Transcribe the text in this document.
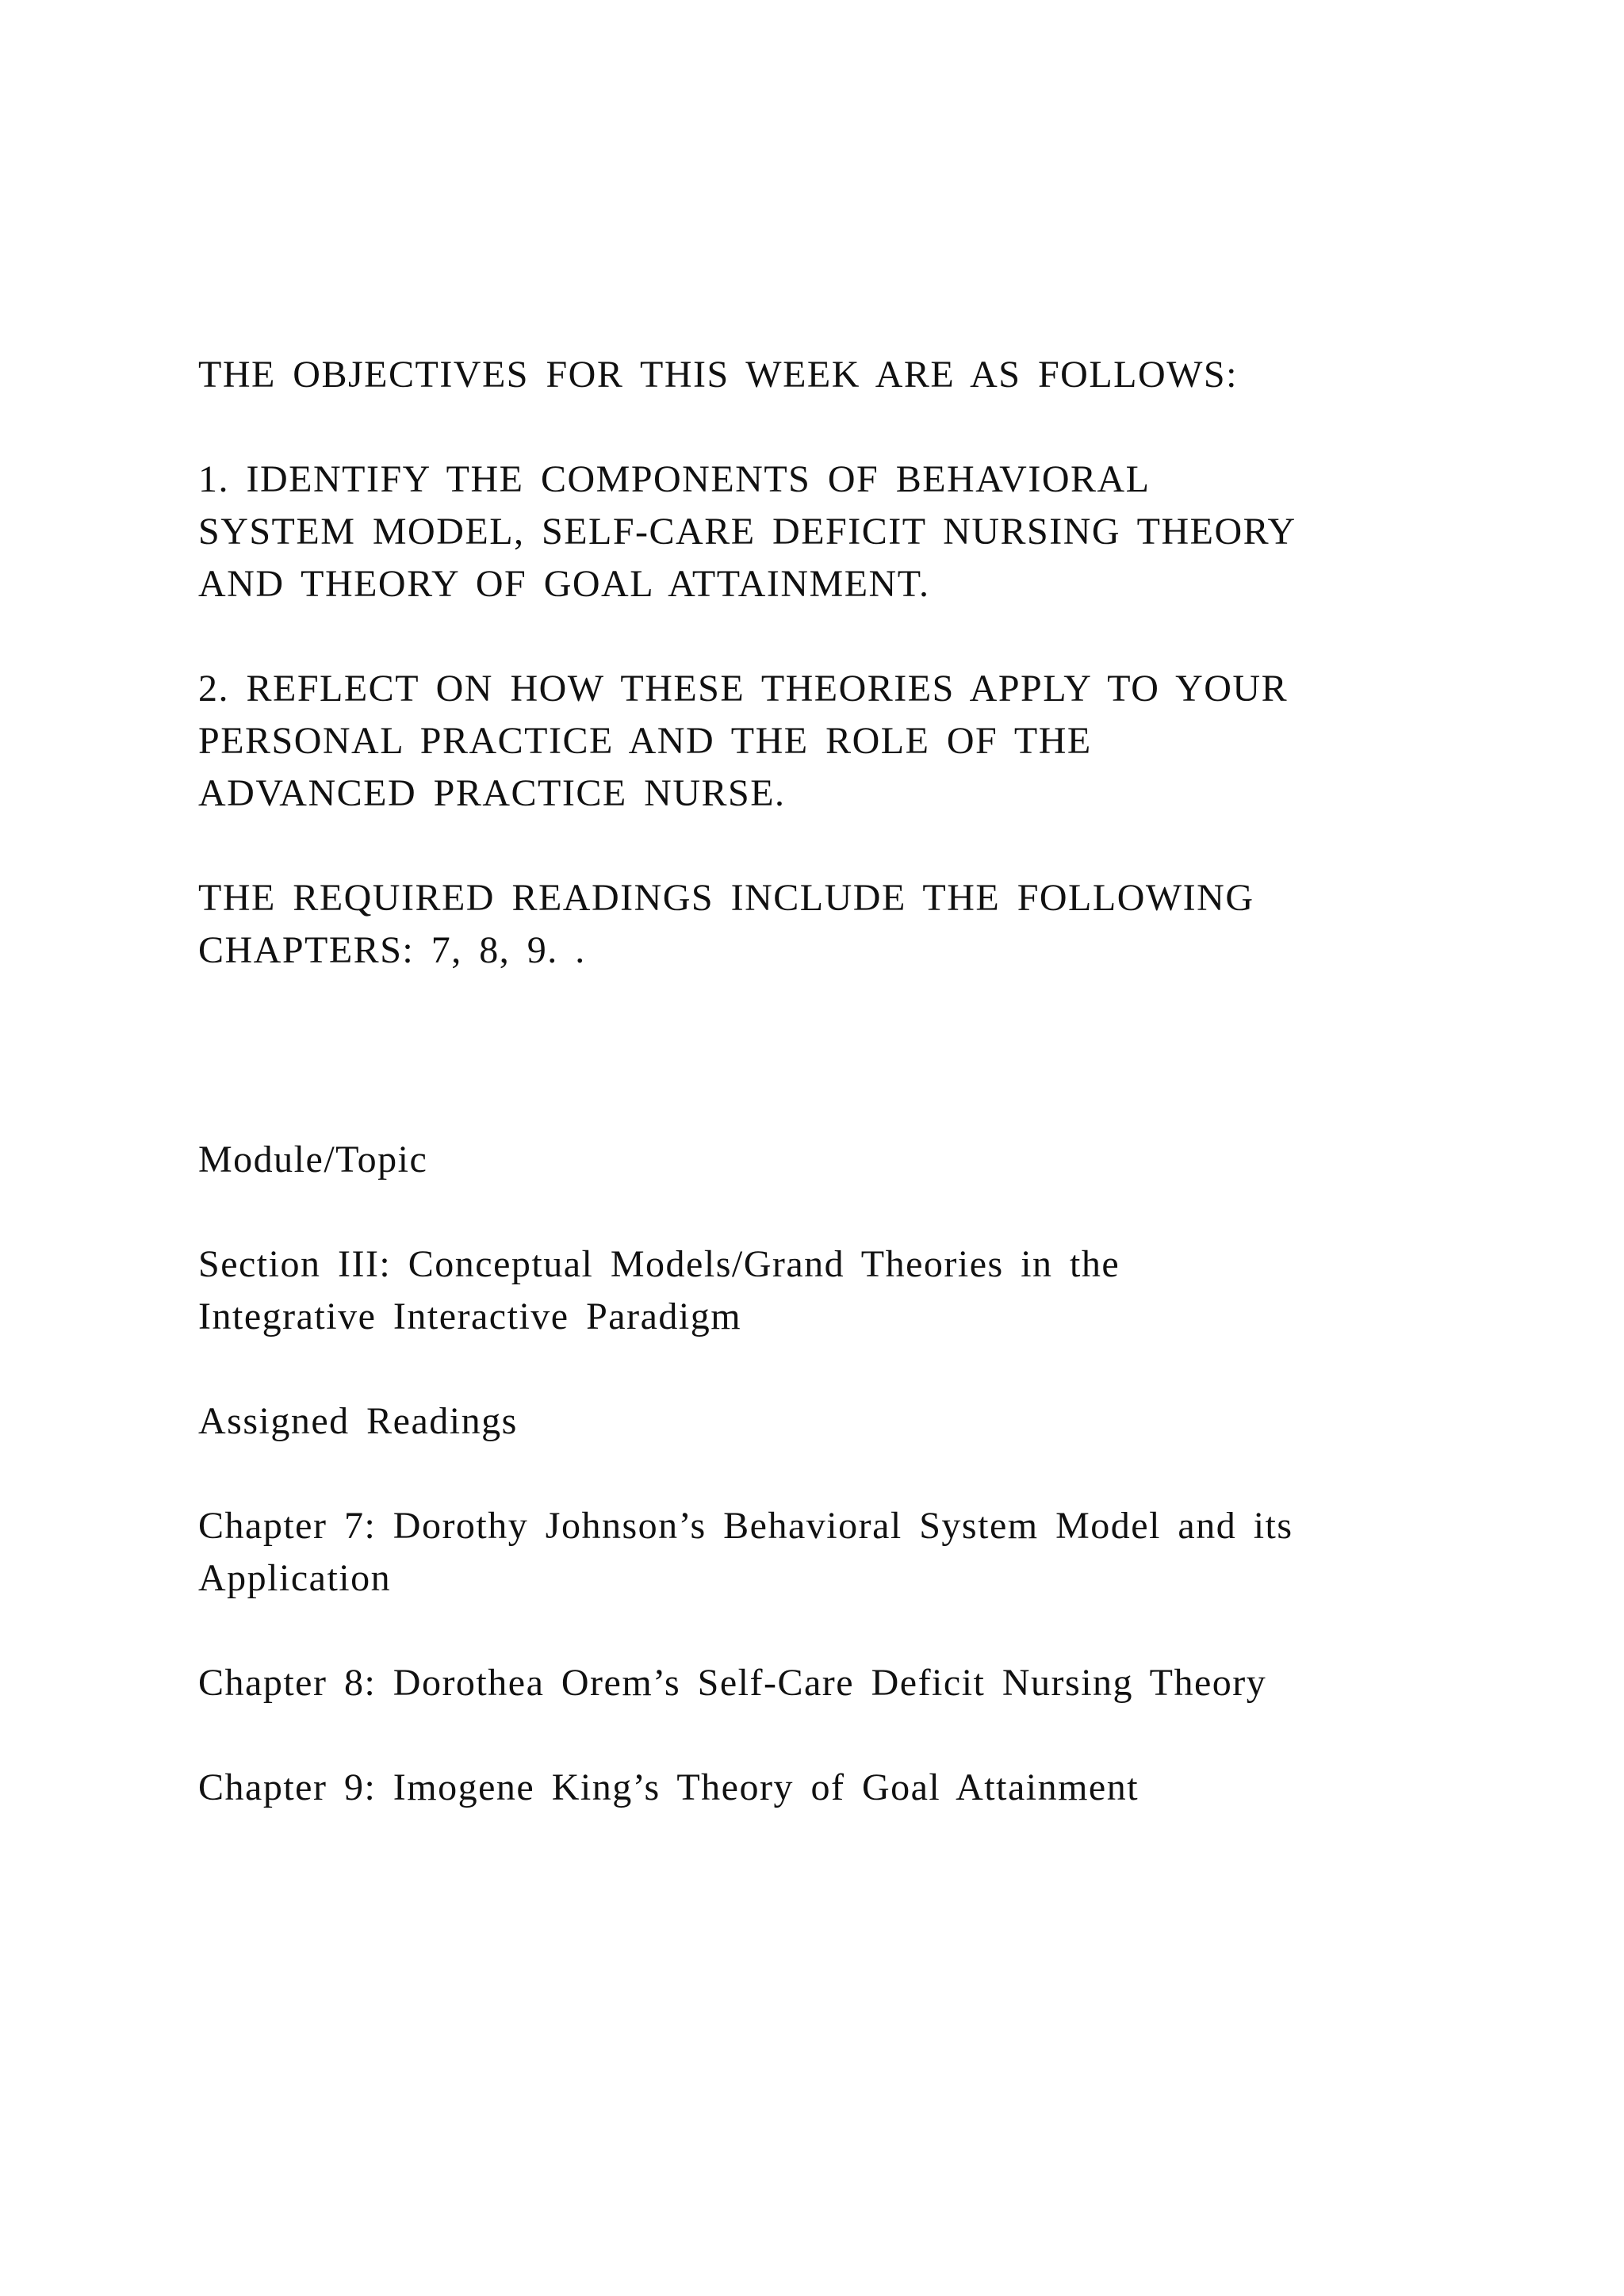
THE OBJECTIVES FOR THIS WEEK ARE AS FOLLOWS:

1. IDENTIFY THE COMPONENTS OF BEHAVIORAL
SYSTEM MODEL, SELF-CARE DEFICIT NURSING THEORY
AND THEORY OF GOAL ATTAINMENT.

2. REFLECT ON HOW THESE THEORIES APPLY TO YOUR
PERSONAL PRACTICE AND THE ROLE OF THE
ADVANCED PRACTICE NURSE.

THE REQUIRED READINGS INCLUDE THE FOLLOWING
CHAPTERS: 7, 8, 9. .

Module/Topic

Section III: Conceptual Models/Grand Theories in the
Integrative Interactive Paradigm

Assigned Readings

Chapter 7: Dorothy Johnson’s Behavioral System Model and its
Application

Chapter 8: Dorothea Orem’s Self-Care Deficit Nursing Theory

Chapter 9: Imogene King’s Theory of Goal Attainment
